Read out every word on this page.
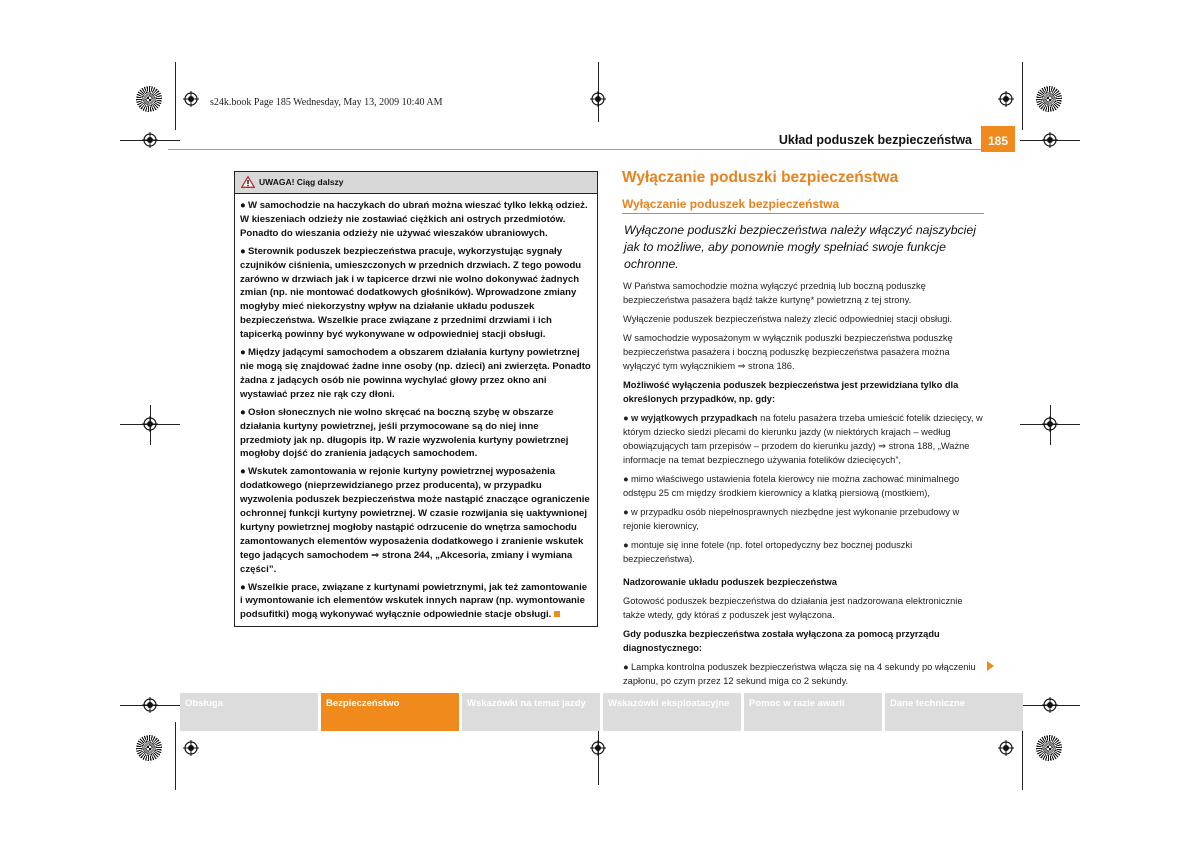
s24k.book Page 185 Wednesday, May 13, 2009 10:40 AM
Układ poduszek bezpieczeństwa	185
UWAGA! Ciąg dalszy

● W samochodzie na haczykach do ubrań można wieszać tylko lekką odzież. W kieszeniach odzieży nie zostawiać ciężkich ani ostrych przedmiotów. Ponadto do wieszania odzieży nie używać wieszaków ubraniowych.

● Sterownik poduszek bezpieczeństwa pracuje, wykorzystując sygnały czujników ciśnienia, umieszczonych w przednich drzwiach. Z tego powodu zarówno w drzwiach jak i w tapicerce drzwi nie wolno dokonywać żadnych zmian (np. nie montować dodatkowych głośników). Wprowadzone zmiany mogłyby mieć niekorzystny wpływ na działanie układu poduszek bezpieczeństwa. Wszelkie prace związane z przednimi drzwiami i ich tapicerką powinny być wykonywane w odpowiedniej stacji obsługi.

● Między jadącymi samochodem a obszarem działania kurtyny powietrznej nie mogą się znajdować żadne inne osoby (np. dzieci) ani zwierzęta. Ponadto żadna z jadących osób nie powinna wychylać głowy przez okno ani wystawiać przez nie rąk czy dłoni.

● Osłon słonecznych nie wolno skręcać na boczną szybę w obszarze działania kurtyny powietrznej, jeśli przymocowane są do niej inne przedmioty jak np. długopis itp. W razie wyzwolenia kurtyny powietrznej mogłoby dojść do zranienia jadących samochodem.

● Wskutek zamontowania w rejonie kurtyny powietrznej wyposażenia dodatkowego (nieprzewidzianego przez producenta), w przypadku wyzwolenia poduszek bezpieczeństwa może nastąpić znaczące ograniczenie ochronnej funkcji kurtyny powietrznej. W czasie rozwijania się uaktywnionej kurtyny powietrznej mogłoby nastąpić odrzucenie do wnętrza samochodu zamontowanych elementów wyposażenia dodatkowego i zranienie wskutek tego jadących samochodem ⇒ strona 244, „Akcesoria, zmiany i wymiana części”.

● Wszelkie prace, związane z kurtynami powietrznymi, jak też zamontowanie i wymontowanie ich elementów wskutek innych napraw (np. wymontowanie podsufitki) mogą wykonywać wyłącznie odpowiednie stacje obsługi.

Wyłączanie poduszki bezpieczeństwa
Wyłączanie poduszek bezpieczeństwa

Wyłączone poduszki bezpieczeństwa należy włączyć najszybciej jak to możliwe, aby ponownie mogły spełniać swoje funkcje ochronne.

W Państwa samochodzie można wyłączyć przednią lub boczną poduszkę bezpieczeństwa pasażera bądź także kurtynę* powietrzną z tej strony.

Wyłączenie poduszek bezpieczeństwa należy zlecić odpowiedniej stacji obsługi.

W samochodzie wyposażonym w wyłącznik poduszki bezpieczeństwa poduszkę bezpieczeństwa pasażera i boczną poduszkę bezpieczeństwa pasażera można wyłączyć tym wyłącznikiem ⇒ strona 186.

Możliwość wyłączenia poduszek bezpieczeństwa jest przewidziana tylko dla określonych przypadków, np. gdy:

● w wyjątkowych przypadkach na fotelu pasażera trzeba umieścić fotelik dziecięcy, w którym dziecko siedzi plecami do kierunku jazdy (w niektórych krajach – według obowiązujących tam przepisów – przodem do kierunku jazdy) ⇒ strona 188, „Ważne informacje na temat bezpiecznego używania fotelików dziecięcych”,

● mimo właściwego ustawienia fotela kierowcy nie można zachować minimalnego odstępu 25 cm między środkiem kierownicy a klatką piersiową (mostkiem),

● w przypadku osób niepełnosprawnych niezbędne jest wykonanie przebudowy w rejonie kierownicy,

● montuje się inne fotele (np. fotel ortopedyczny bez bocznej poduszki bezpieczeństwa).

Nadzorowanie układu poduszek bezpieczeństwa

Gotowość poduszek bezpieczeństwa do działania jest nadzorowana elektronicznie także wtedy, gdy któraś z poduszek jest wyłączona.

Gdy poduszka bezpieczeństwa została wyłączona za pomocą przyrządu diagnostycznego:

● Lampka kontrolna poduszek bezpieczeństwa włącza się na 4 sekundy po włączeniu zapłonu, po czym przez 12 sekund miga co 2 sekundy.

Obsługa	Bezpieczeństwo	Wskazówki na temat jazdy	Wskazówki eksploatacyjne	Pomoc w razie awarii	Dane techniczne
